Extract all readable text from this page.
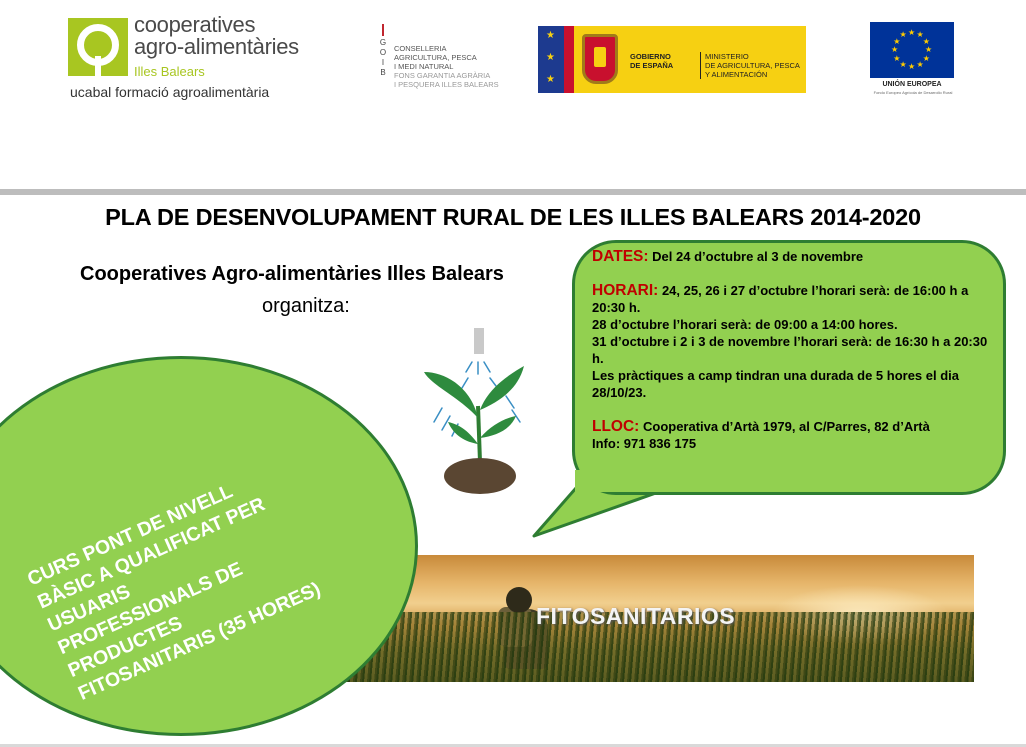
cooperatives
agro-alimentàries
Illes Balears
ucabal formació agroalimentària
G
O
I
B
CONSELLERIA
AGRICULTURA, PESCA
I MEDI NATURAL
FONS GARANTIA AGRÀRIA
I PESQUERA ILLES BALEARS
★
★
★
GOBIERNO
DE ESPAÑA
MINISTERIO
DE AGRICULTURA, PESCA
Y ALIMENTACIÓN
★
★
★
★
★
★
★
★
★ ★ ★
★
UNIÓN EUROPEA
Fondo Europeo Agrícola de Desarrollo Rural
PLA DE DESENVOLUPAMENT RURAL DE LES ILLES BALEARS 2014-2020
Cooperatives Agro-alimentàries Illes Balears
organitza:

DATES: Del 24 d’octubre al 3 de novembre

HORARI: 24, 25, 26 i 27 d’octubre l’horari serà: de 16:00 h a 20:30 h.

28 d’octubre l’horari serà: de 09:00 a 14:00 hores.

31 d’octubre i 2 i 3 de novembre l’horari serà: de 16:30 h a 20:30 h.

Les pràctiques a camp tindran una durada de 5 hores el dia 28/10/23.

LLOC: Cooperativa d’Artà 1979, al C/Parres, 82 d’Artà

Info: 971 836 175

FITOSANITARIOS
CURS PONT DE NIVELL
BÀSIC A QUALIFICAT PER
USUARIS
PROFESSIONALS DE
PRODUCTES
FITOSANITARIS (35 HORES)
